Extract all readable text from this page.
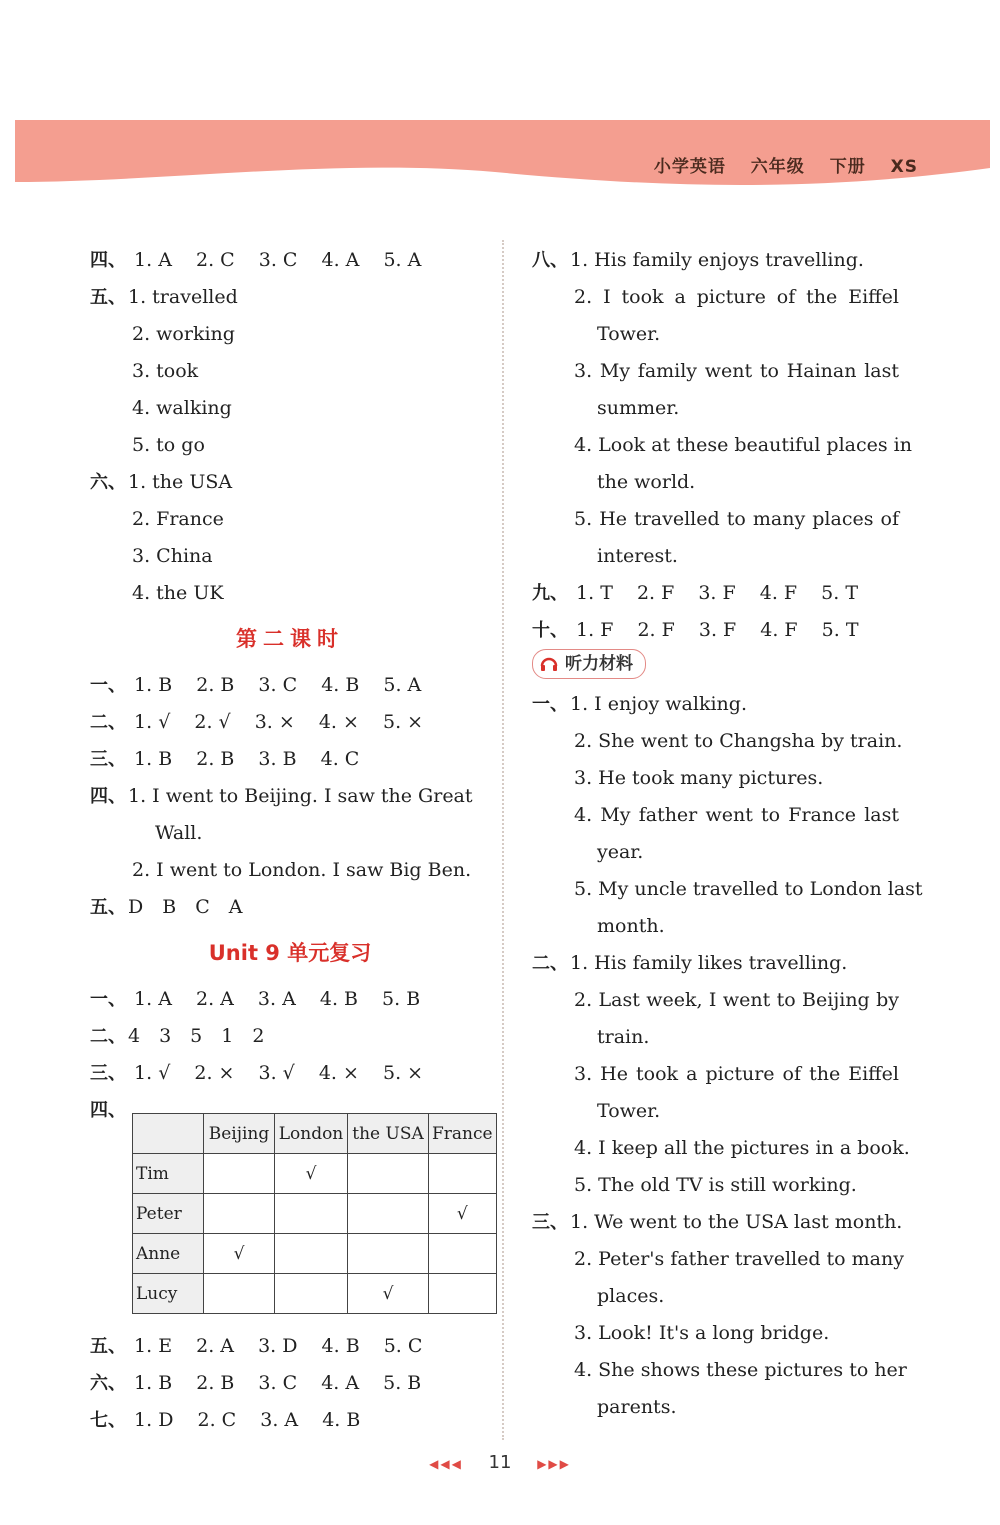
小学英语 六年级 下册 XS
四、 1. A 2. C 3. C 4. A 5. A
五、 1. travelled
2. working
3. took
4. walking
5. to go
六、 1. the USA
2. France
3. China
4. the UK
第二课时
一、 1. B 2. B 3. C 4. B 5. A
二、 1. √ 2. √ 3. × 4. × 5. ×
三、 1. B 2. B 3. B 4. C
四、 1. I went to Beijing. I saw the Great
Wall.
2. I went to London. I saw Big Ben.
五、 D　B　C　A
Unit 9 单元复习
一、 1. A 2. A 3. A 4. B 5. B
二、 4　3　5　1　2
三、 1. √ 2. × 3. √ 4. × 5. ×
四、
	Beijing	London	the USA	France
Tim		√		
Peter				√
Anne	√			
Lucy			√	
五、 1. E 2. A 3. D 4. B 5. C
六、 1. B 2. B 3. C 4. A 5. B
七、 1. D 2. C 3. A 4. B
八、 1. His family enjoys travelling.
2. I took a picture of the Eiffel
Tower.
3. My family went to Hainan last
summer.
4. Look at these beautiful places in
the world.
5. He travelled to many places of
interest.
九、 1. T 2. F 3. F 4. F 5. T
十、 1. F 2. F 3. F 4. F 5. T
听力材料
一、 1. I enjoy walking.
2. She went to Changsha by train.
3. He took many pictures.
4. My father went to France last
year.
5. My uncle travelled to London last
month.
二、 1. His family likes travelling.
2. Last week, I went to Beijing by
train.
3. He took a picture of the Eiffel
Tower.
4. I keep all the pictures in a book.
5. The old TV is still working.
三、 1. We went to the USA last month.
2. Peter's father travelled to many
places.
3. Look! It's a long bridge.
4. She shows these pictures to her
parents.
◀◀◀ 11 ▶▶▶
